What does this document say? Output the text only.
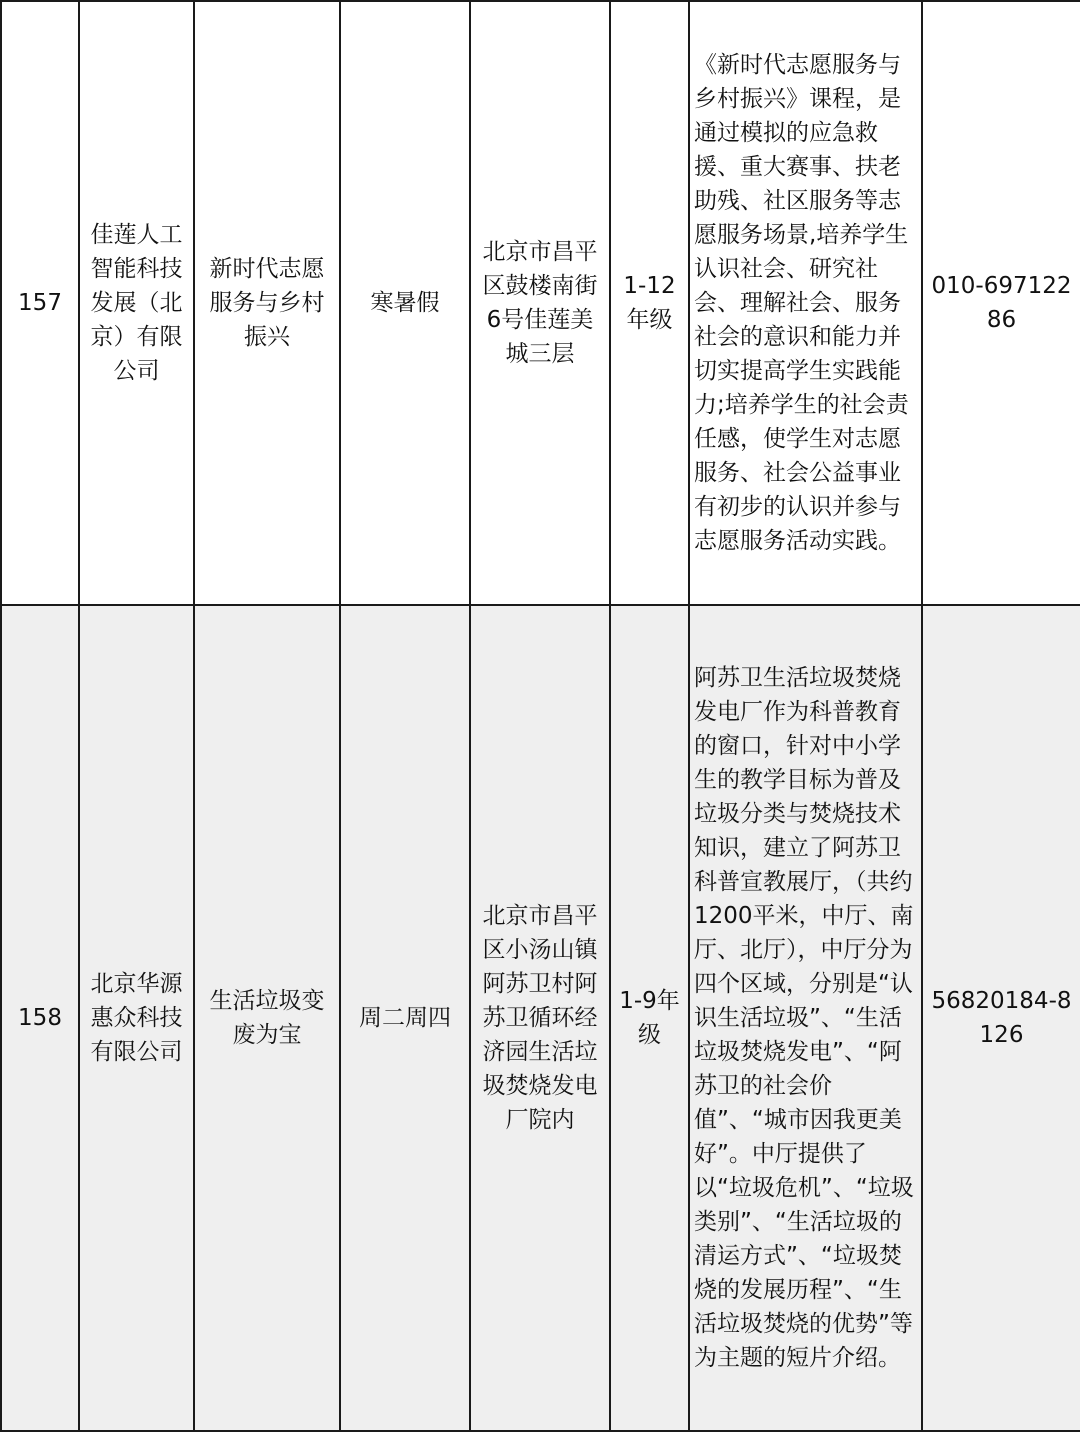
157	佳莲人工智能科技发展（北京）有限公司	新时代志愿服务与乡村振兴	寒暑假	北京市昌平区鼓楼南街6号佳莲美城三层	1-12年级	《新时代志愿服务与乡村振兴》课程，是通过模拟的应急救援、重大赛事、扶老助残、社区服务等志愿服务场景,培养学生认识社会、研究社会、理解社会、服务社会的意识和能力并切实提高学生实践能力;培养学生的社会责任感，使学生对志愿服务、社会公益事业有初步的认识并参与志愿服务活动实践。	010-69712286
158	北京华源惠众科技有限公司	生活垃圾变废为宝	周二周四	北京市昌平区小汤山镇阿苏卫村阿苏卫循环经济园生活垃圾焚烧发电厂院内	1-9年级	阿苏卫生活垃圾焚烧发电厂作为科普教育的窗口，针对中小学生的教学目标为普及垃圾分类与焚烧技术知识，建立了阿苏卫科普宣教展厅，（共约1200平米，中厅、南厅、北厅），中厅分为四个区域，分别是“认识生活垃圾”、“生活垃圾焚烧发电”、“阿苏卫的社会价值”、“城市因我更美好”。中厅提供了以“垃圾危机”、“垃圾类别”、“生活垃圾的清运方式”、“垃圾焚烧的发展历程”、“生活垃圾焚烧的优势”等为主题的短片介绍。	56820184-8126
